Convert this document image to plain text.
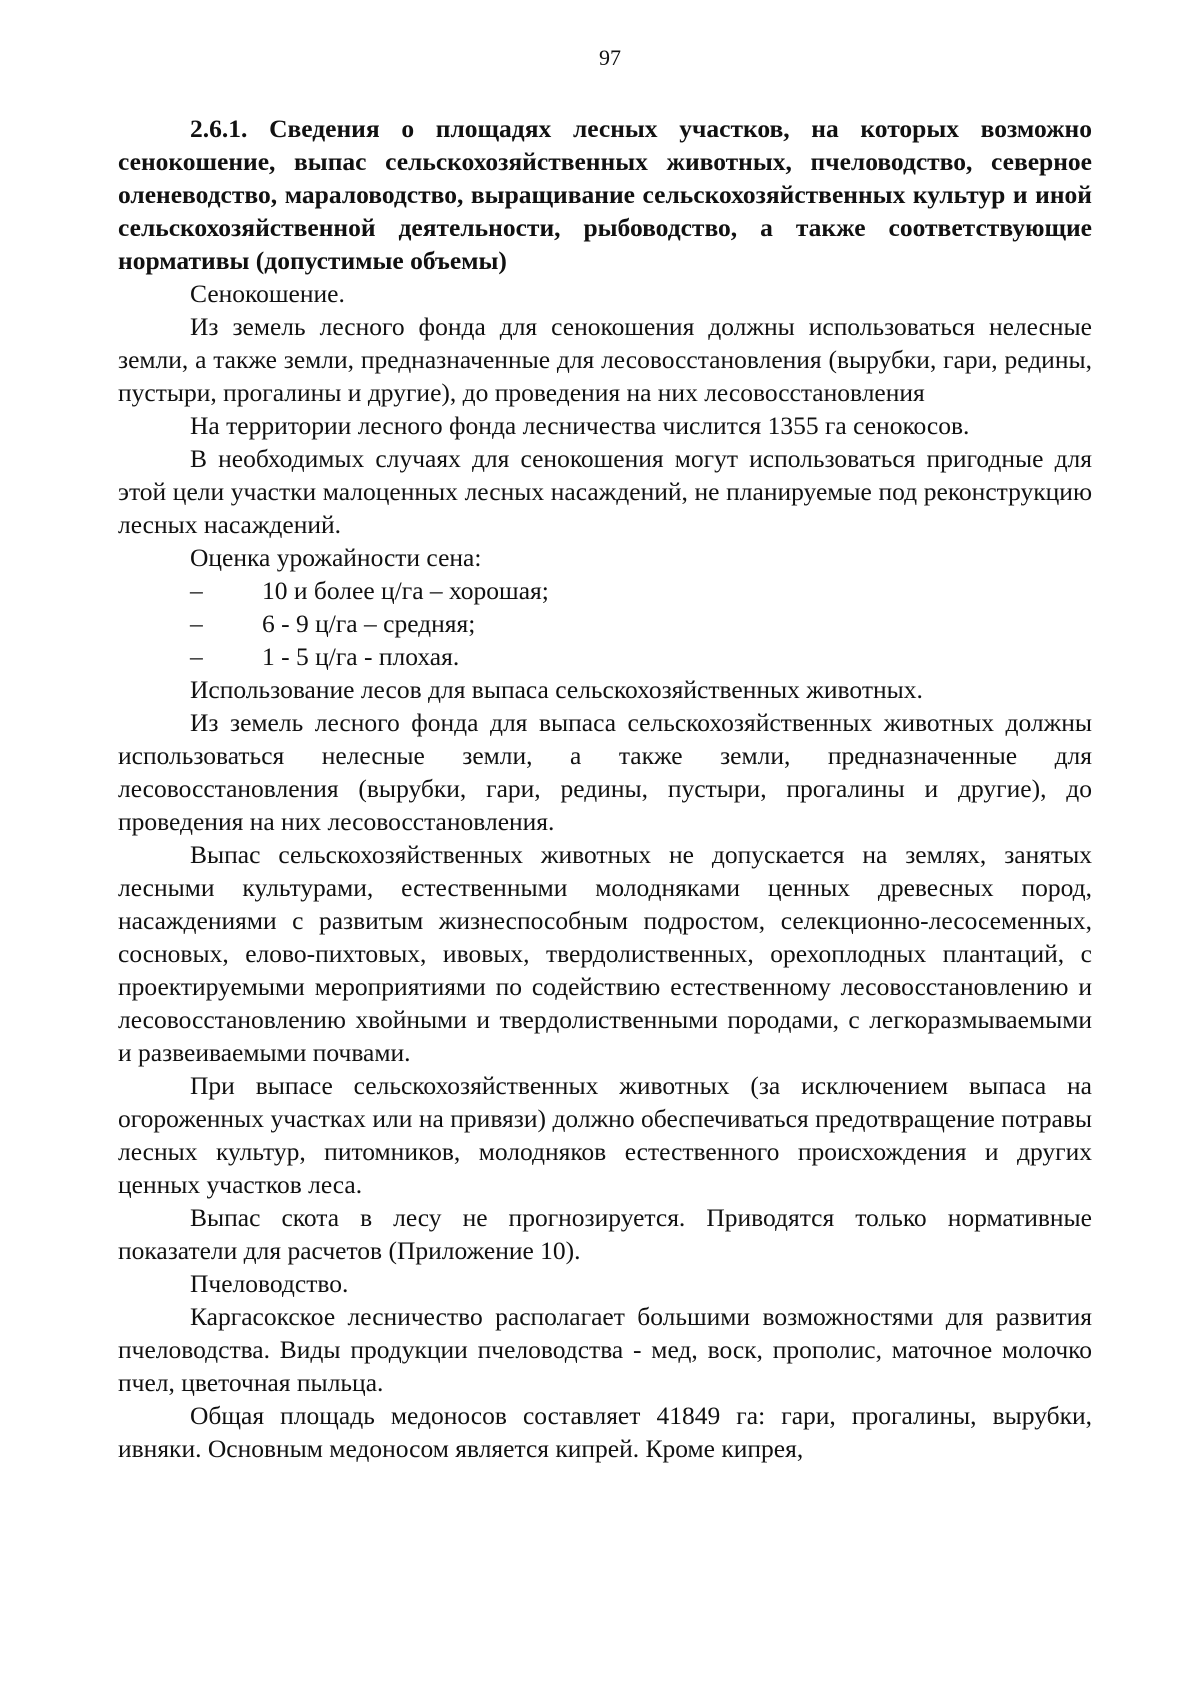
97

2.6.1. Сведения о площадях лесных участков, на которых возможно сенокошение, выпас сельскохозяйственных животных, пчеловодство, северное оленеводство, мараловодство, выращивание сельскохозяйственных культур и иной сельскохозяйственной деятельности, рыбоводство, а также соответствующие нормативы (допустимые объемы)

Сенокошение.

Из земель лесного фонда для сенокошения должны использоваться нелесные земли, а также земли, предназначенные для лесовосстановления (вырубки, гари, редины, пустыри, прогалины и другие), до проведения на них лесовосстановления

На территории лесного фонда лесничества числится 1355 га сенокосов.

В необходимых случаях для сенокошения могут использоваться пригодные для этой цели участки малоценных лесных насаждений, не планируемые под реконструкцию лесных насаждений.

Оценка урожайности сена:

–	10 и более ц/га – хорошая;
–	6 - 9 ц/га – средняя;
–	1 - 5 ц/га - плохая.

Использование лесов для выпаса сельскохозяйственных животных.

Из земель лесного фонда для выпаса сельскохозяйственных животных должны использоваться нелесные земли, а также земли, предназначенные для лесовосстановления (вырубки, гари, редины, пустыри, прогалины и другие), до проведения на них лесовосстановления.

Выпас сельскохозяйственных животных не допускается на землях, занятых лесными культурами, естественными молодняками ценных древесных пород, насаждениями с развитым жизнеспособным подростом, селекционно-лесосеменных, сосновых, елово-пихтовых, ивовых, твердолиственных, орехоплодных плантаций, с проектируемыми мероприятиями по содействию естественному лесовосстановлению и лесовосстановлению хвойными и твердолиственными породами, с легкоразмываемыми и развеиваемыми почвами.

При выпасе сельскохозяйственных животных (за исключением выпаса на огороженных участках или на привязи) должно обеспечиваться предотвращение потравы лесных культур, питомников, молодняков естественного происхождения и других ценных участков леса.

Выпас скота в лесу не прогнозируется. Приводятся только нормативные показатели для расчетов (Приложение 10).

Пчеловодство.

Каргасокское лесничество располагает большими возможностями для развития пчеловодства. Виды продукции пчеловодства - мед, воск, прополис, маточное молочко пчел, цветочная пыльца.

Общая площадь медоносов составляет 41849 га: гари, прогалины, вырубки, ивняки. Основным медоносом является кипрей. Кроме кипрея,
